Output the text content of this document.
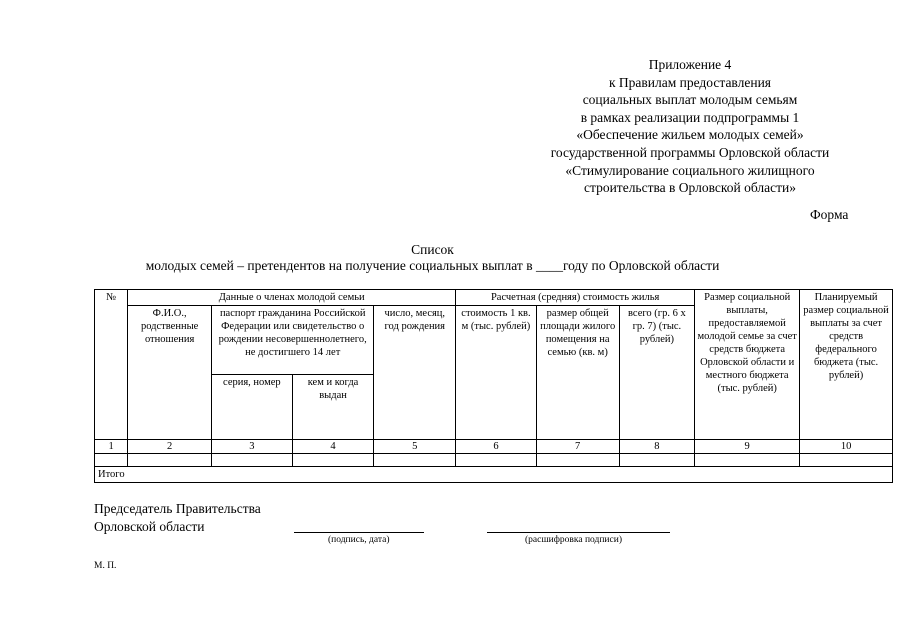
Приложение 4
к Правилам предоставления
социальных выплат молодым семьям
в рамках реализации подпрограммы 1
«Обеспечение жильем молодых семей»
государственной программы Орловской области
«Стимулирование социального жилищного
строительства в Орловской области»
Форма
Список
молодых семей – претендентов на получение социальных выплат в ____году по Орловской области
№	Данные о членах молодой семьи				Расчетная (средняя) стоимость жилья			Размер социальной выплаты, предоставляемой молодой семье за счет средств бюджета Орловской области и местного бюджета (тыс. рублей)	Планируемый размер социальной выплаты за счет средств федерального бюджета (тыс. рублей)
	Ф.И.О., родственные отношения	паспорт гражданина Российской Федерации или свидетельство о рождении несовершеннолетнего, не достигшего 14 лет		число, месяц, год рождения	стоимость 1 кв. м (тыс. рублей)	размер общей площади жилого помещения на семью (кв. м)	всего (гр. 6 x гр. 7) (тыс. рублей)		
		серия, номер	кем и когда выдан						

1	2	3	4	5	6	7	8	9	10

Итого									
Председатель Правительства
Орловской области
(подпись, дата)	(расшифровка подписи)
М. П.
